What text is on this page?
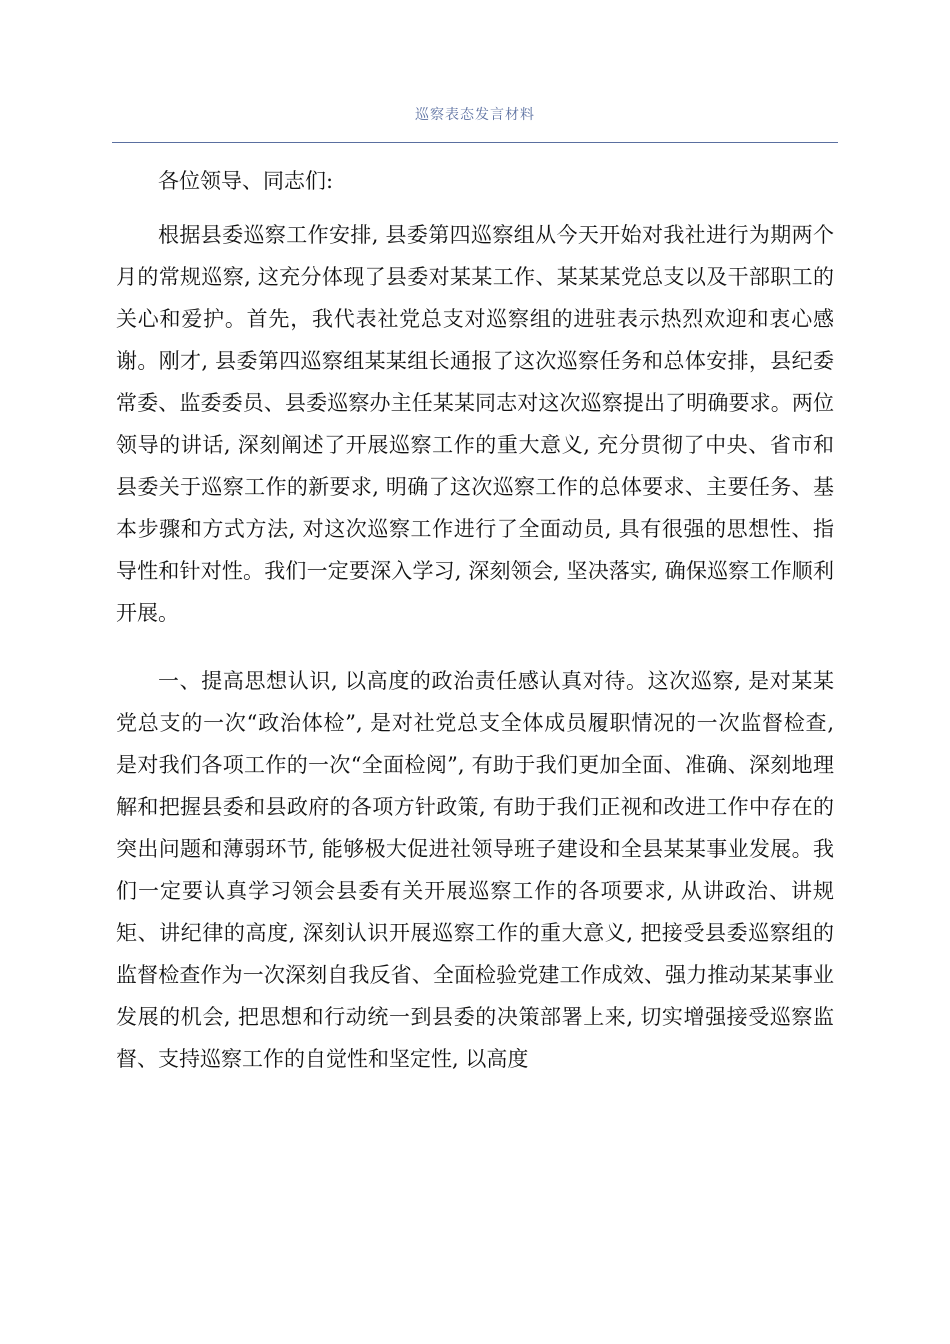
巡察表态发言材料

各位领导、同志们:

根据县委巡察工作安排, 县委第四巡察组从今天开始对我社进行为期两个月的常规巡察, 这充分体现了县委对某某工作、某某某党总支以及干部职工的关心和爱护。首先，我代表社党总支对巡察组的进驻表示热烈欢迎和衷心感谢。刚才, 县委第四巡察组某某组长通报了这次巡察任务和总体安排，县纪委常委、监委委员、县委巡察办主任某某同志对这次巡察提出了明确要求。两位领导的讲话, 深刻阐述了开展巡察工作的重大意义, 充分贯彻了中央、省市和县委关于巡察工作的新要求, 明确了这次巡察工作的总体要求、主要任务、基本步骤和方式方法, 对这次巡察工作进行了全面动员, 具有很强的思想性、指导性和针对性。我们一定要深入学习, 深刻领会, 坚决落实, 确保巡察工作顺利开展。

一、提高思想认识, 以高度的政治责任感认真对待。这次巡察, 是对某某党总支的一次“政治体检”, 是对社党总支全体成员履职情况的一次监督检查, 是对我们各项工作的一次“全面检阅”, 有助于我们更加全面、准确、深刻地理解和把握县委和县政府的各项方针政策, 有助于我们正视和改进工作中存在的突出问题和薄弱环节, 能够极大促进社领导班子建设和全县某某事业发展。我们一定要认真学习领会县委有关开展巡察工作的各项要求, 从讲政治、讲规矩、讲纪律的高度, 深刻认识开展巡察工作的重大意义, 把接受县委巡察组的监督检查作为一次深刻自我反省、全面检验党建工作成效、强力推动某某事业发展的机会, 把思想和行动统一到县委的决策部署上来, 切实增强接受巡察监督、支持巡察工作的自觉性和坚定性, 以高度
